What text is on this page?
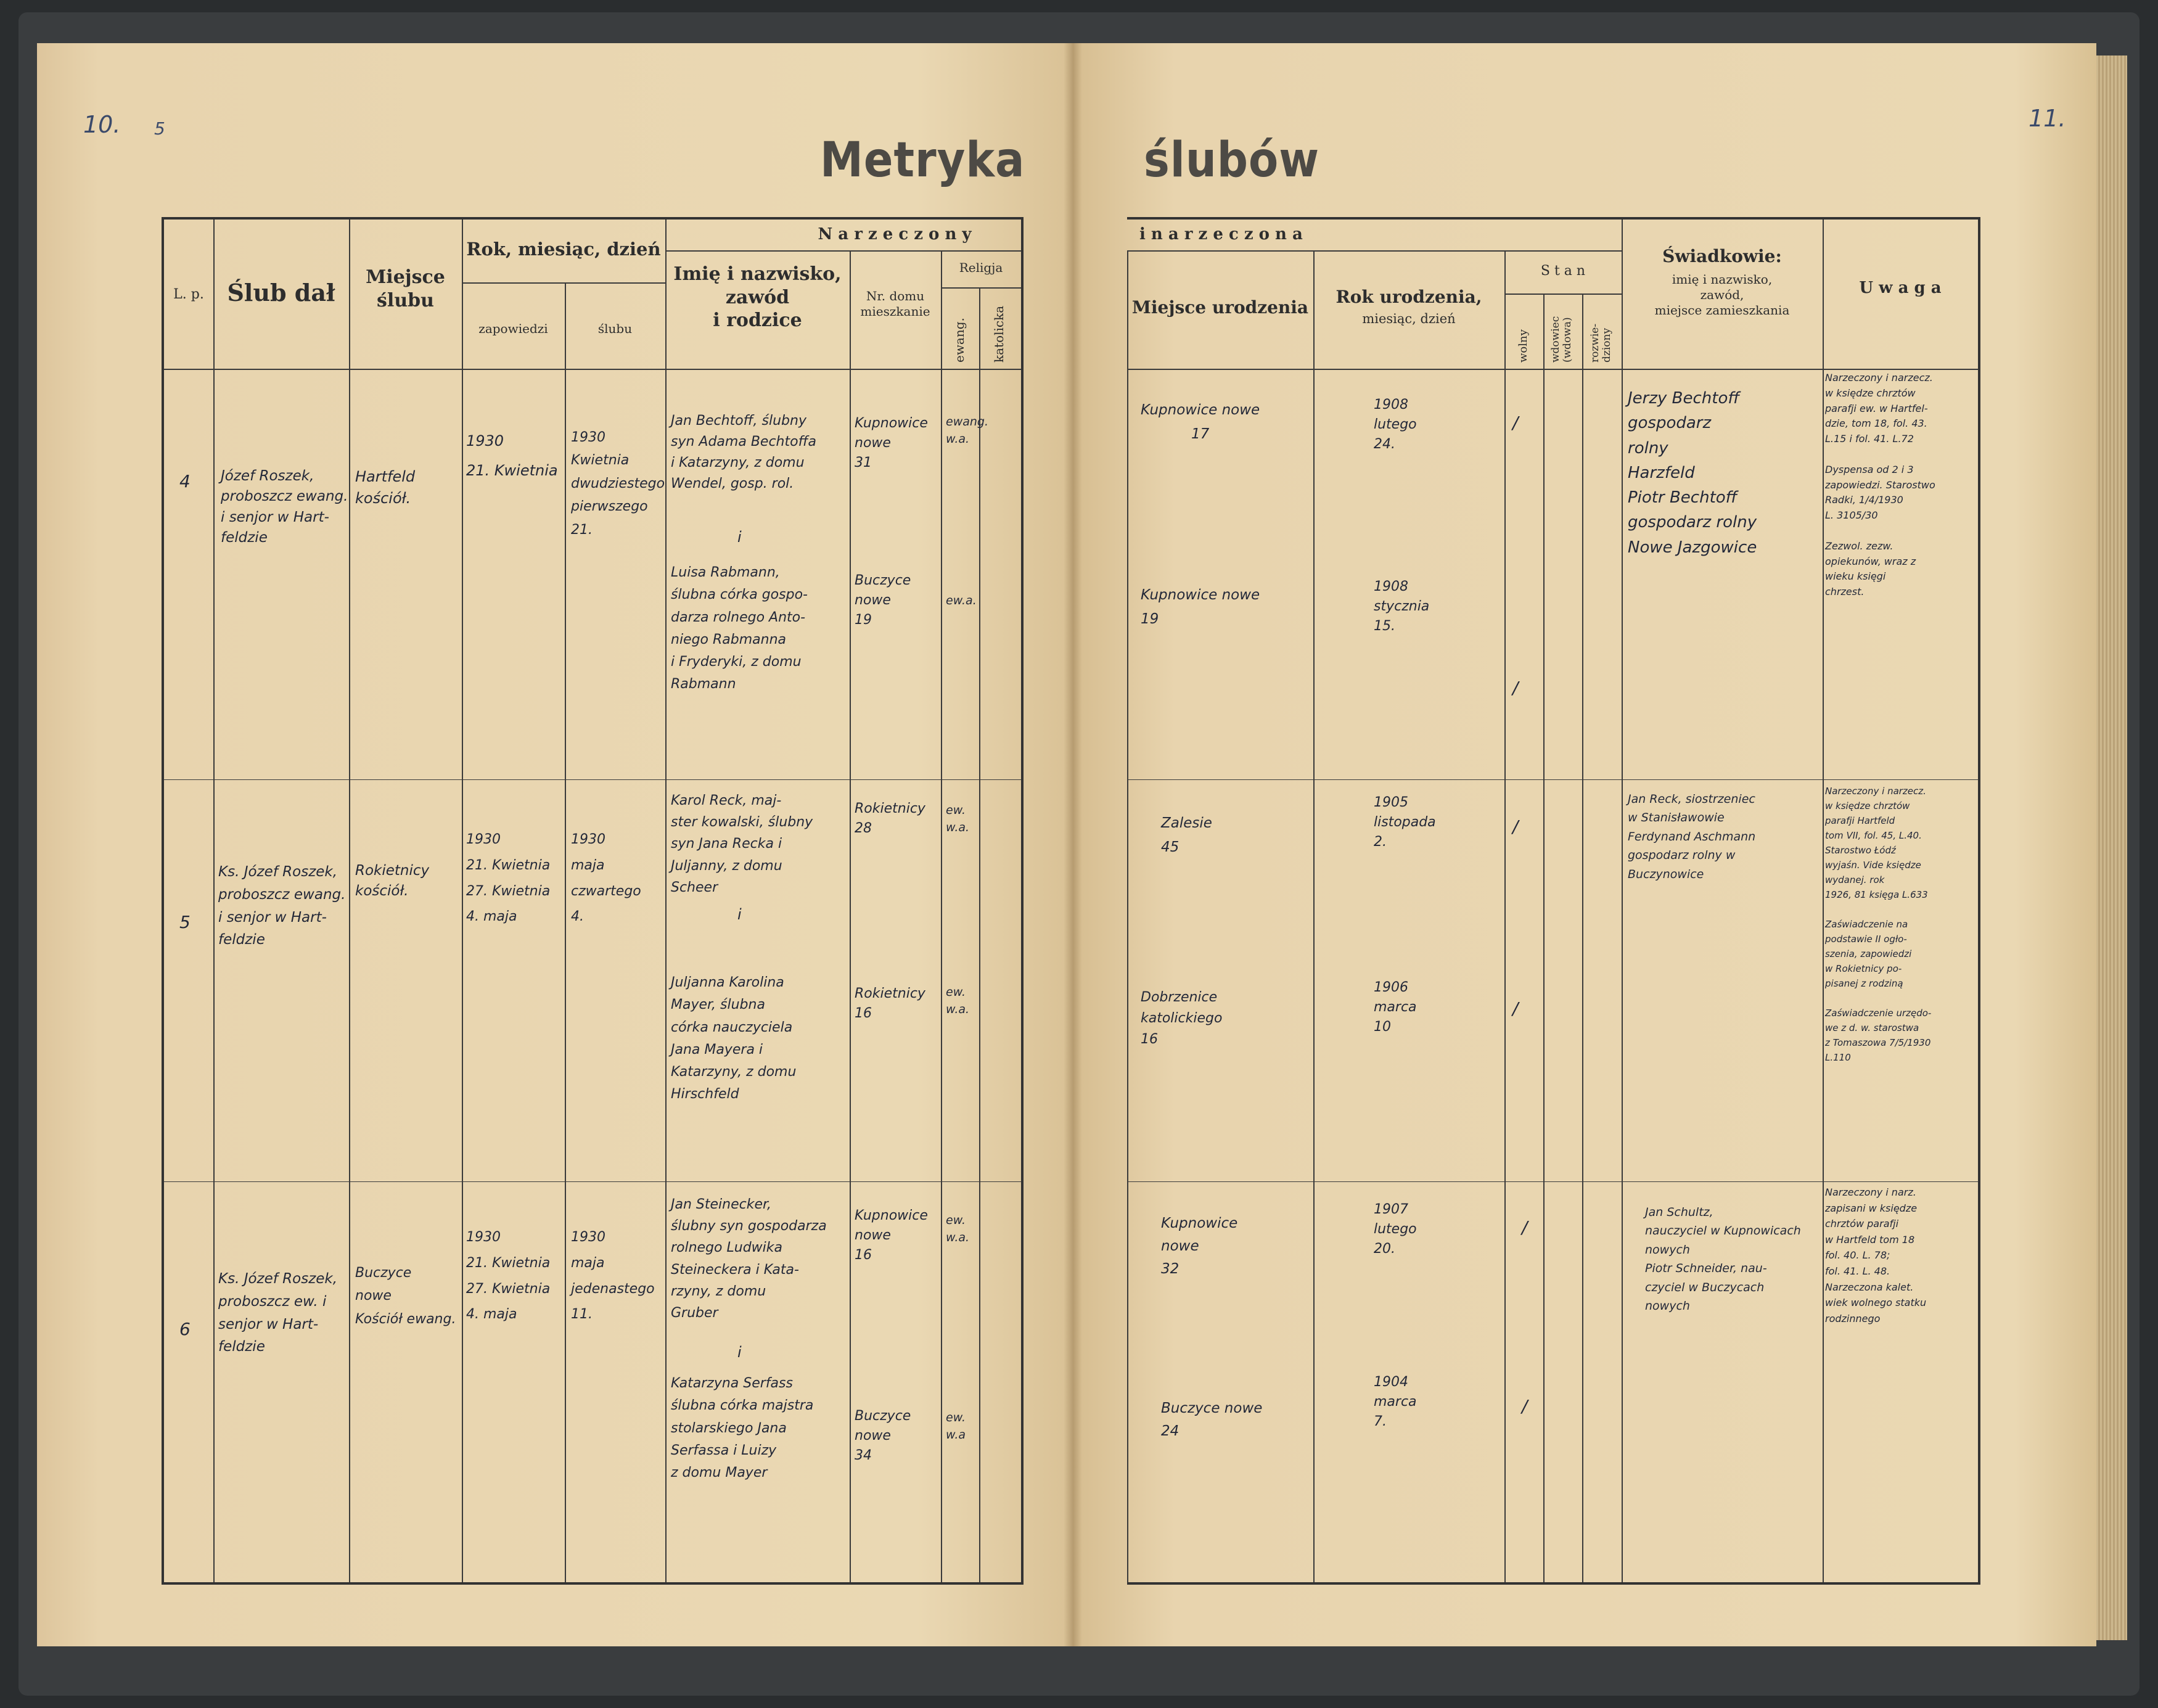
10. 5	11.
Metryka ślubów
L. p. Ślub dał
Miejsce
ślubu
Rok, miesiąc, dzień
zapowiedzi	ślubu
N a r z e c z o n y
Imię i nazwisko,
zawód
i rodzice
Nr. domu
mieszkanie
Religja
ewang. katolicka
4 Józef Roszek,
proboszcz ewang.
i senjor w Hart-
feldzie
Hartfeld
kościół.
1930
21. Kwietnia
1930
Kwietnia
dwudziestego
pierwszego
21.
Jan Bechtoff, ślubny
syn Adama Bechtoffa
i Katarzyny, z domu
Wendel, gosp. rol.
i
Luisa Rabmann,
ślubna córka gospo-
darza rolnego Anto-
niego Rabmanna
i Fryderyki, z domu
Rabmann
Kupnowice
nowe
31
Buczyce
nowe
19
ewang.
w.a.
ew.a.
5
Ks. Józef Roszek,
proboszcz ewang.
i senjor w Hart-
feldzie
Rokietnicy
kościół.
1930
21. Kwietnia
27. Kwietnia
4. maja
1930
maja
czwartego
4.
Karol Reck, maj-
ster kowalski, ślubny
syn Jana Recka i
Juljanny, z domu
Scheer
i
Juljanna Karolina
Mayer, ślubna
córka nauczyciela
Jana Mayera i
Katarzyny, z domu
Hirschfeld
Rokietnicy
28
Rokietnicy
16
ew.
w.a.
ew.
w.a.
6
Ks. Józef Roszek,
proboszcz ew. i
senjor w Hart-
feldzie
Buczyce
nowe
Kościół ewang.
1930
21. Kwietnia
27. Kwietnia
4. maja
1930
maja
jedenastego
11.
Jan Steinecker,
ślubny syn gospodarza
rolnego Ludwika
Steineckera i Kata-
rzyny, z domu
Gruber
i
Katarzyna Serfass
ślubna córka majstra
stolarskiego Jana
Serfassa i Luizy
z domu Mayer
Kupnowice
nowe
16
Buczyce
nowe
34
ew.
w.a.
ew.
w.a
i n a r z e c z o n a
Miejsce urodzenia
Rok urodzenia,
miesiąc, dzień
S t a n
wolny wdowiec
(wdowa) rozwie-
dziony
Świadkowie:
imię i nazwisko,
zawód,
miejsce zamieszkania
U w a g a
Kupnowice nowe
17
Kupnowice nowe
19
1908
lutego
24.
1908
stycznia
15.
/
/
Jerzy Bechtoff
gospodarz
rolny
Harzfeld
Piotr Bechtoff
gospodarz rolny
Nowe Jazgowice
Narzeczony i narzecz.
w księdze chrztów
parafji ew. w Hartfel-
dzie, tom 18, fol. 43.
L.15 i fol. 41. L.72

Dyspensa od 2 i 3
zapowiedzi. Starostwo
Radki, 1/4/1930
L. 3105/30

Zezwol. zezw.
opiekunów, wraz z
wieku księgi
chrzest.
Zalesie
45
Dobrzenice
katolickiego
16
1905
listopada
2.
1906
marca
10
/
/
Jan Reck, siostrzeniec
w Stanisławowie
Ferdynand Aschmann
gospodarz rolny w
Buczynowice
Narzeczony i narzecz.
w księdze chrztów
parafji Hartfeld
tom VII, fol. 45, L.40.
Starostwo Łódź
wyjaśn. Vide księdze
wydanej. rok
1926, 81 księga L.633

Zaświadczenie na
podstawie II ogło-
szenia, zapowiedzi
w Rokietnicy po-
pisanej z rodziną

Zaświadczenie urzędo-
we z d. w. starostwa
z Tomaszowa 7/5/1930
L.110
Kupnowice
nowe
32
Buczyce nowe
24
1907
lutego
20.
1904
marca
7.
/
/
Jan Schultz,
nauczyciel w Kupnowicach
nowych
Piotr Schneider, nau-
czyciel w Buczycach
nowych
Narzeczony i narz.
zapisani w księdze
chrztów parafji
w Hartfeld tom 18
fol. 40. L. 78;
fol. 41. L. 48.
Narzeczona kalet.
wiek wolnego statku
rodzinnego
